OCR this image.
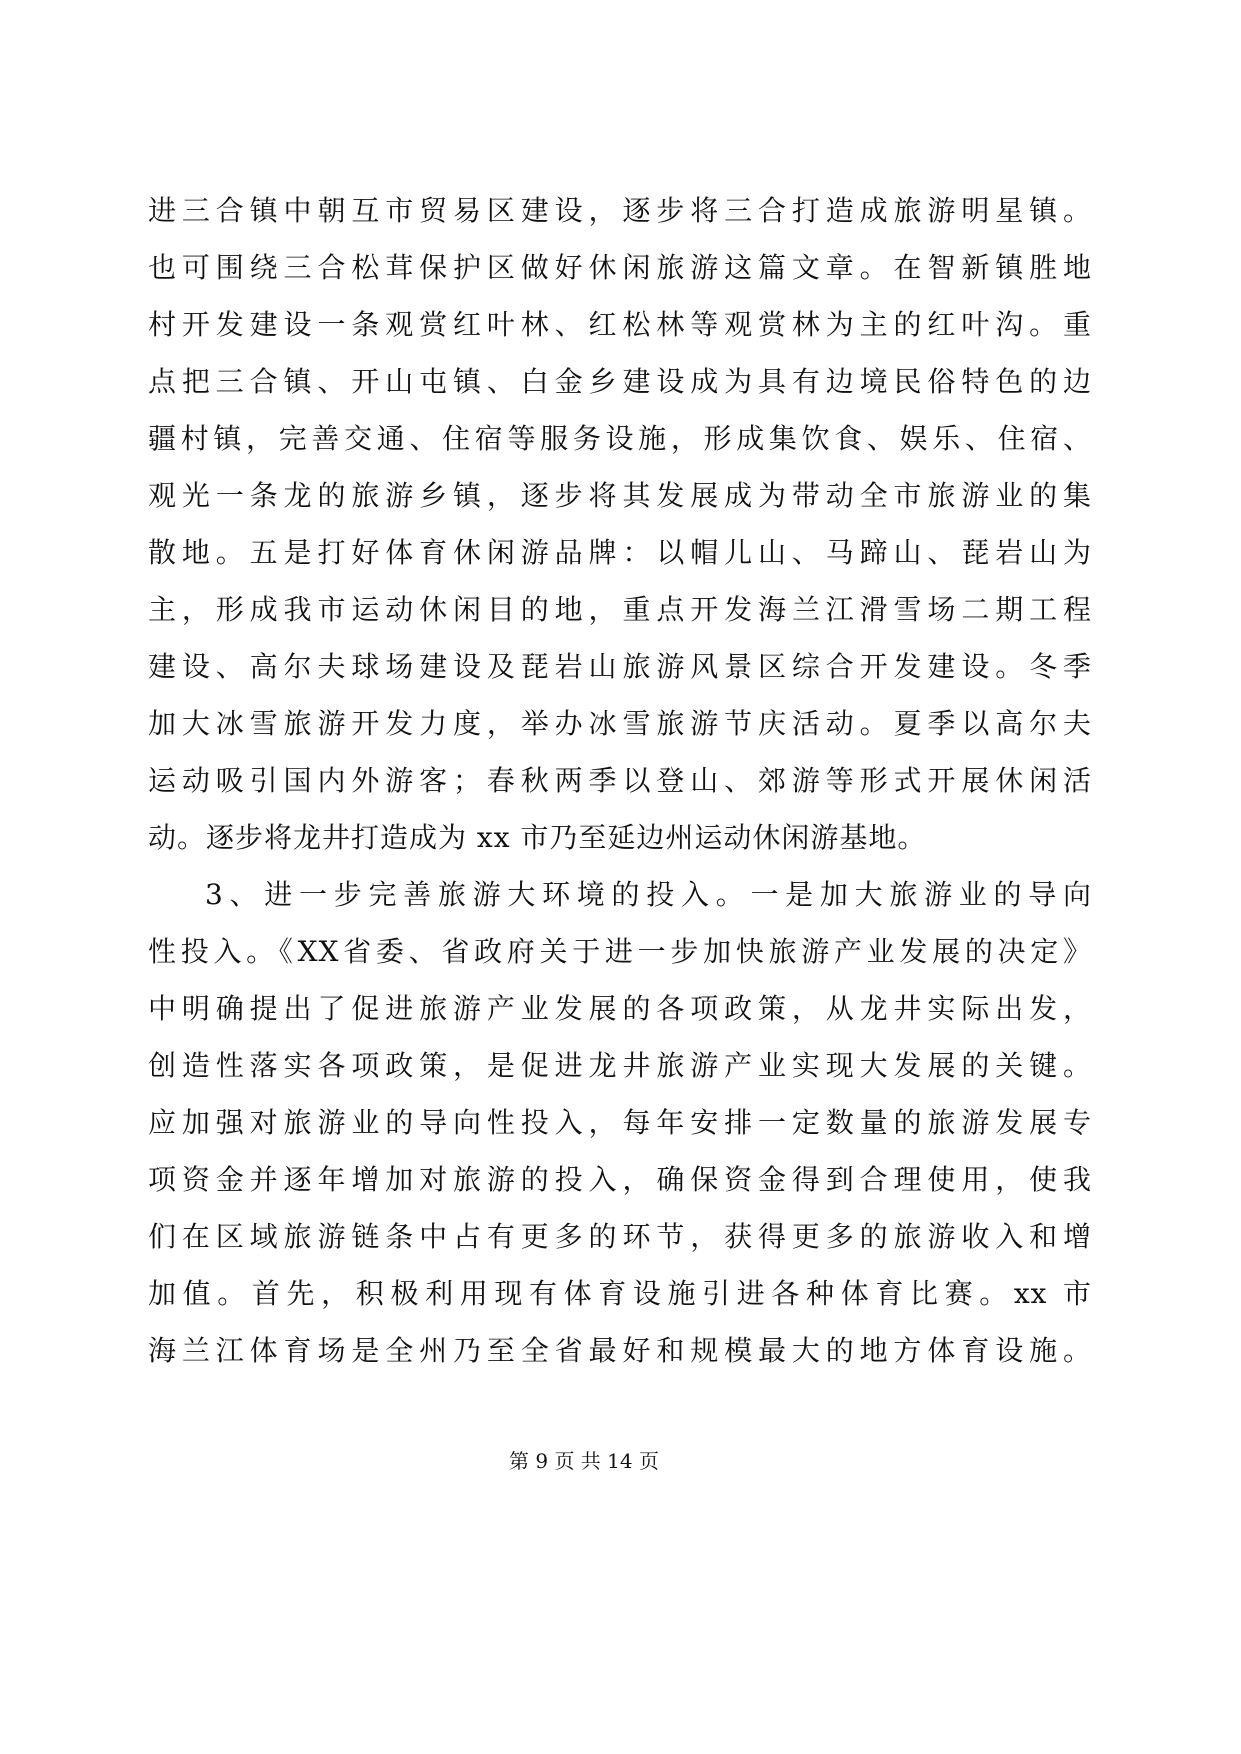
进三合镇中朝互市贸易区建设，逐步将三合打造成旅游明星镇。
也可围绕三合松茸保护区做好休闲旅游这篇文章。在智新镇胜地
村开发建设一条观赏红叶林、红松林等观赏林为主的红叶沟。重
点把三合镇、开山屯镇、白金乡建设成为具有边境民俗特色的边
疆村镇，完善交通、住宿等服务设施，形成集饮食、娱乐、住宿、
观光一条龙的旅游乡镇，逐步将其发展成为带动全市旅游业的集
散地。五是打好体育休闲游品牌：以帽儿山、马蹄山、琵岩山为
主，形成我市运动休闲目的地，重点开发海兰江滑雪场二期工程
建设、高尔夫球场建设及琵岩山旅游风景区综合开发建设。冬季
加大冰雪旅游开发力度，举办冰雪旅游节庆活动。夏季以高尔夫
运动吸引国内外游客；春秋两季以登山、郊游等形式开展休闲活
动。逐步将龙井打造成为 xx 市乃至延边州运动休闲游基地。
3、进一步完善旅游大环境的投入。一是加大旅游业的导向
性投入。《XX省委、省政府关于进一步加快旅游产业发展的决定》
中明确提出了促进旅游产业发展的各项政策，从龙井实际出发，
创造性落实各项政策，是促进龙井旅游产业实现大发展的关键。
应加强对旅游业的导向性投入，每年安排一定数量的旅游发展专
项资金并逐年增加对旅游的投入，确保资金得到合理使用，使我
们在区域旅游链条中占有更多的环节，获得更多的旅游收入和增
加值。首先，积极利用现有体育设施引进各种体育比赛。xx 市
海兰江体育场是全州乃至全省最好和规模最大的地方体育设施。
第 9 页 共 14 页
